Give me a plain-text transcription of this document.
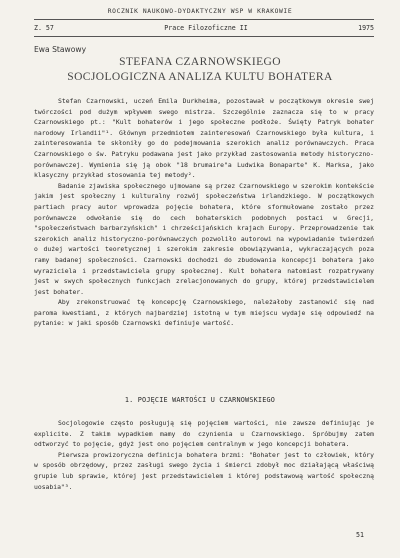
ROCZNIK NAUKOWO-DYDAKTYCZNY WSP W KRAKOWIE
Z. 57	Prace Filozoficzne II	1975
Ewa Stawowy
STEFANA CZARNOWSKIEGO
SOCJOLOGICZNA ANALIZA KULTU BOHATERA

Stefan Czarnowski, uczeń Emila Durkheima, pozostawał w początkowym okresie swej twórczości pod dużym wpływem swego mistrza. Szczególnie zaznacza się to w pracy Czarnowskiego pt.: "Kult bohaterów i jego społeczne podłoże. Święty Patryk bohater narodowy Irlandii"¹. Głównym przedmiotem zainteresowań Czarnowskiego była kultura, i zainteresowania te skłoniły go do podejmowania szerokich analiz porównawczych. Praca Czarnowskiego o św. Patryku podawana jest jako przykład zastosowania metody historyczno-porównawczej. Wymienia się ją obok "18 brumaire"a Ludwika Bonaparte" K. Marksa, jako klasyczny przykład stosowania tej metody².

Badanie zjawiska społecznego ujmowane są przez Czarnowskiego w szerokim kontekście jakim jest społeczny i kulturalny rozwój społeczeństwa irlandzkiego. W początkowych partiach pracy autor wprowadza pojęcie bohatera, które sformułowane zostało przez porównawcze odwołanie się do cech bohaterskich podobnych postaci w Grecji, "społeczeństwach barbarzyńskich" i chrześcijańskich krajach Europy. Przeprowadzenie tak szerokich analiz historyczno-porównawczych pozwoliło autorowi na wypowiadanie twierdzeń o dużej wartości teoretycznej i szerokim zakresie obowiązywania, wykraczających poza ramy badanej społeczności. Czarnowski dochodzi do zbudowania koncepcji bohatera jako wyraziciela i przedstawiciela grupy społecznej. Kult bohatera natomiast rozpatrywany jest w swych społecznych funkcjach zrelacjonowanych do grupy, której przedstawicielem jest bohater.

Aby zrekonstruować tę koncepcję Czarnowskiego, należałoby zastanowić się nad paroma kwestiami, z których najbardziej istotną w tym miejscu wydaje się odpowiedź na pytanie: w jaki sposób Czarnowski definiuje wartość.

1. POJĘCIE WARTOŚCI U CZARNOWSKIEGO

Socjologowie często posługują się pojęciem wartości, nie zawsze definiując je explicite. Z takim wypadkiem mamy do czynienia u Czarnowskiego. Spróbujmy zatem odtworzyć to pojęcie, gdyż jest ono pojęciem centralnym w jego koncepcji bohatera.

Pierwsza prowizoryczna definicja bohatera brzmi: "Bohater jest to człowiek, który w sposób obrzędowy, przez zasługi swego życia i śmierci zdobył moc działającą właściwą grupie lub sprawie, której jest przedstawicielem i której podstawową wartość społeczną uosabia"³.

51
